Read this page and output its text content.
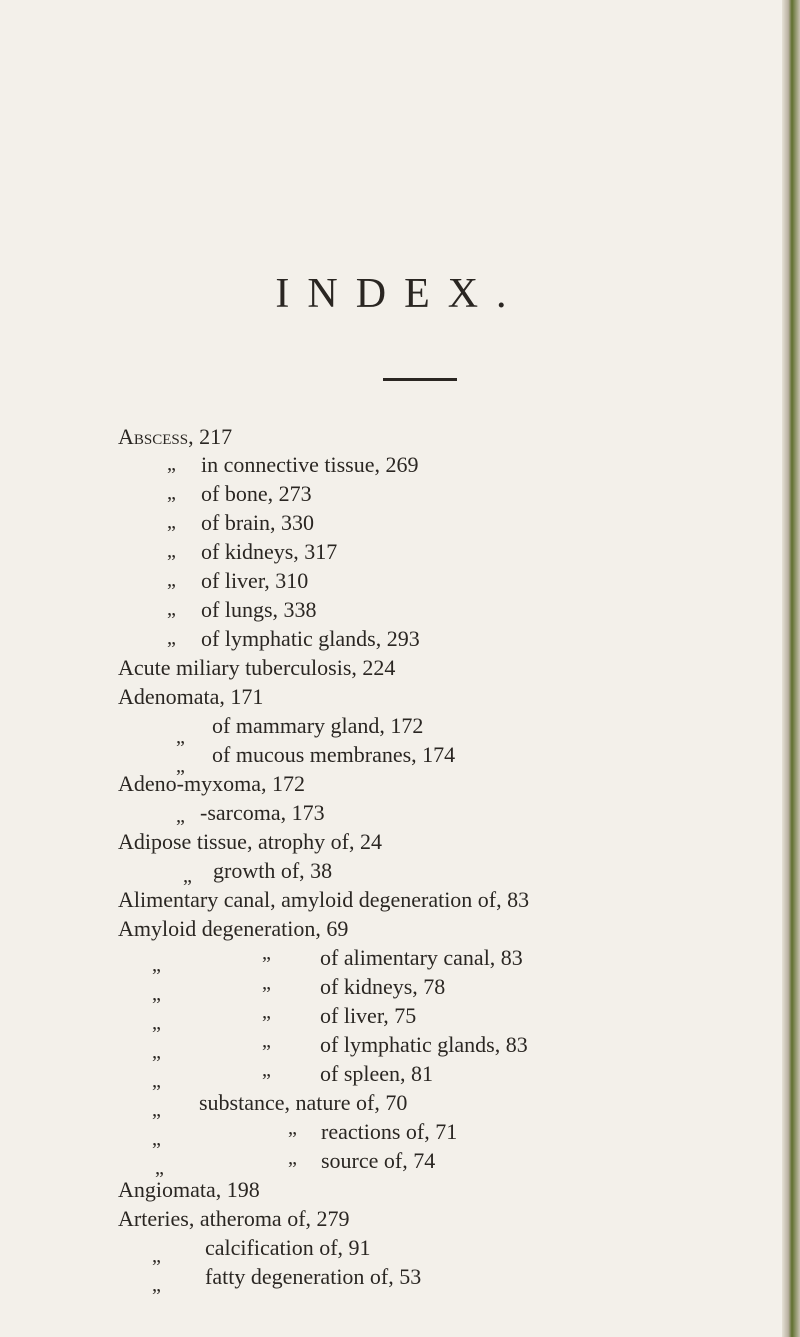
INDEX.
Abscess, 217
„ in connective tissue, 269
„ of bone, 273
„ of brain, 330
„ of kidneys, 317
„ of liver, 310
„ of lungs, 338
„ of lymphatic glands, 293
Acute miliary tuberculosis, 224
Adenomata, 171
„ of mammary gland, 172
„ of mucous membranes, 174
Adeno-myxoma, 172
„ -sarcoma, 173
Adipose tissue, atrophy of, 24
„ growth of, 38
Alimentary canal, amyloid degeneration of, 83
Amyloid degeneration, 69
„
„ of alimentary canal, 83
„	„ of kidneys, 78
„	„ of liver, 75
„	„ of lymphatic glands, 83
„	„ of spleen, 81
„ substance, nature of, 70
„	„ reactions of, 71
„	„ source of, 74
Angiomata, 198
Arteries, atheroma of, 279
„ calcification of, 91
„ fatty degeneration of, 53
